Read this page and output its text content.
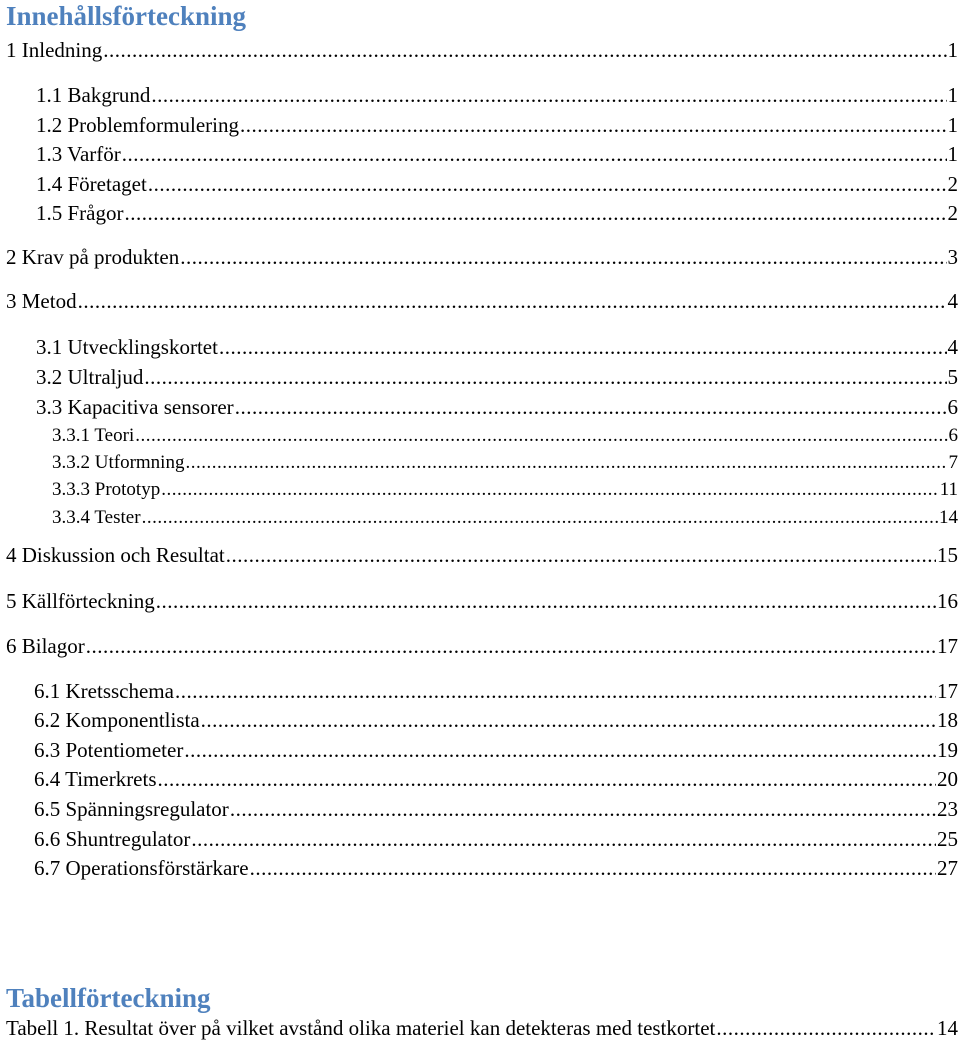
Innehållsförteckning
1 Inledning .....	1
1.1 Bakgrund .....	1
1.2 Problemformulering .....	1
1.3 Varför .....	1
1.4 Företaget .....	2
1.5 Frågor .....	2
2 Krav på produkten .....	3
3 Metod .....	4
3.1 Utvecklingskortet .....	4
3.2 Ultraljud .....	5
3.3 Kapacitiva sensorer .....	6
3.3.1 Teori .....	6
3.3.2 Utformning .....	7
3.3.3 Prototyp .....	11
3.3.4 Tester .....	14
4 Diskussion och Resultat .....	15
5 Källförteckning .....	16
6 Bilagor .....	17
6.1 Kretsschema .....	17
6.2 Komponentlista .....	18
6.3 Potentiometer .....	19
6.4 Timerkrets .....	20
6.5 Spänningsregulator .....	23
6.6 Shuntregulator .....	25
6.7 Operationsförstärkare .....	27
Tabellförteckning
Tabell 1. Resultat över på vilket avstånd olika materiel kan detekteras med testkortet .....	14
